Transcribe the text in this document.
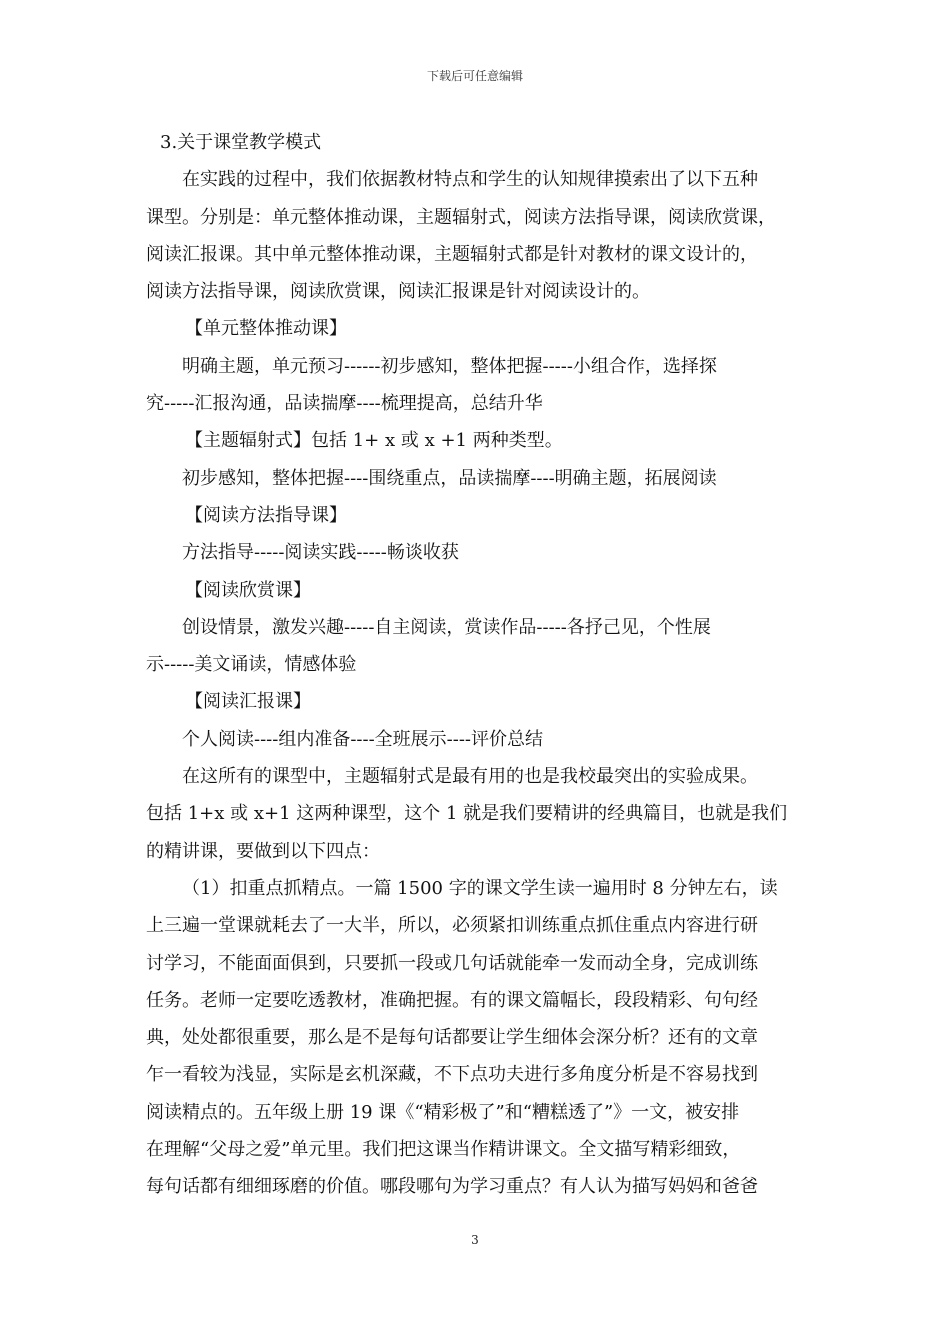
下载后可任意编辑

3.关于课堂教学模式

在实践的过程中，我们依据教材特点和学生的认知规律摸索出了以下五种

课型。分别是：单元整体推动课，主题辐射式，阅读方法指导课，阅读欣赏课，

阅读汇报课。其中单元整体推动课，主题辐射式都是针对教材的课文设计的，

阅读方法指导课，阅读欣赏课，阅读汇报课是针对阅读设计的。

【单元整体推动课】

明确主题，单元预习------初步感知，整体把握-----小组合作，选择探

究-----汇报沟通，品读揣摩----梳理提高，总结升华

【主题辐射式】包括 1+ x 或 x +1 两种类型。

初步感知，整体把握----围绕重点，品读揣摩----明确主题，拓展阅读

【阅读方法指导课】

方法指导-----阅读实践-----畅谈收获

【阅读欣赏课】

创设情景，激发兴趣-----自主阅读，赏读作品-----各抒己见，个性展

示-----美文诵读，情感体验

【阅读汇报课】

个人阅读----组内准备----全班展示----评价总结

在这所有的课型中，主题辐射式是最有用的也是我校最突出的实验成果。

包括 1+x 或 x+1 这两种课型，这个 1 就是我们要精讲的经典篇目，也就是我们

的精讲课，要做到以下四点：

（1）扣重点抓精点。一篇 1500 字的课文学生读一遍用时 8 分钟左右，读

上三遍一堂课就耗去了一大半，所以，必须紧扣训练重点抓住重点内容进行研

讨学习，不能面面俱到，只要抓一段或几句话就能牵一发而动全身，完成训练

任务。老师一定要吃透教材，准确把握。有的课文篇幅长，段段精彩、句句经

典，处处都很重要，那么是不是每句话都要让学生细体会深分析？还有的文章

乍一看较为浅显，实际是玄机深藏，不下点功夫进行多角度分析是不容易找到

阅读精点的。五年级上册 19 课《“精彩极了”和“糟糕透了”》一文，被安排

在理解“父母之爱”单元里。我们把这课当作精讲课文。全文描写精彩细致，

每句话都有细细琢磨的价值。哪段哪句为学习重点？有人认为描写妈妈和爸爸

3
